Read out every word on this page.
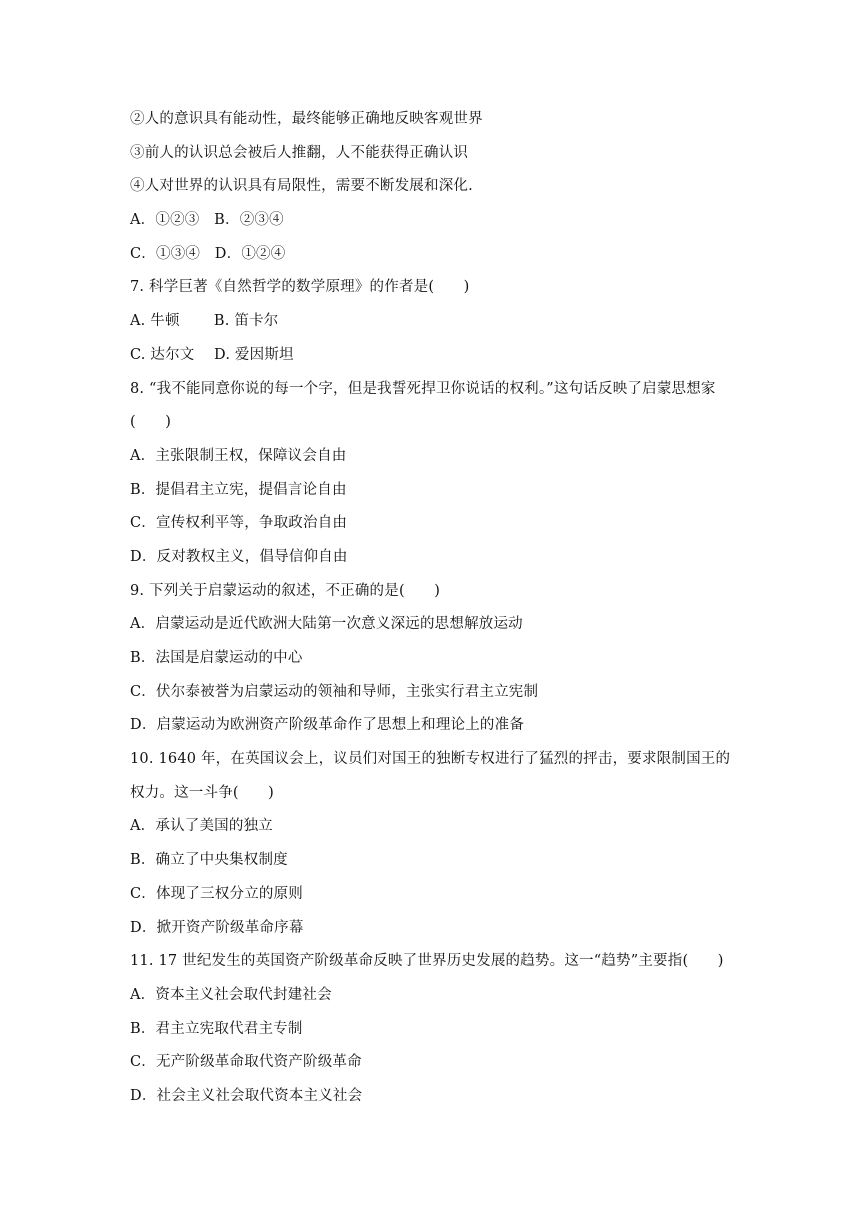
②人的意识具有能动性，最终能够正确地反映客观世界
③前人的认识总会被后人推翻，人不能获得正确认识
④人对世界的认识具有局限性，需要不断发展和深化.
A．①②③　B．②③④
C．①③④　D．①②④
7. 科学巨著《自然哲学的数学原理》的作者是(　　)
A. 牛顿　　 B. 笛卡尔
C. 达尔文　 D. 爱因斯坦
8. “我不能同意你说的每一个字，但是我誓死捍卫你说话的权利。”这句话反映了启蒙思想家
(　　)
A．主张限制王权，保障议会自由
B．提倡君主立宪，提倡言论自由
C．宣传权利平等，争取政治自由
D．反对教权主义，倡导信仰自由
9. 下列关于启蒙运动的叙述，不正确的是(　　)
A．启蒙运动是近代欧洲大陆第一次意义深远的思想解放运动
B．法国是启蒙运动的中心
C．伏尔泰被誉为启蒙运动的领袖和导师，主张实行君主立宪制
D．启蒙运动为欧洲资产阶级革命作了思想上和理论上的准备
10. 1640 年，在英国议会上，议员们对国王的独断专权进行了猛烈的抨击，要求限制国王的
权力。这一斗争(　　)
A．承认了美国的独立
B．确立了中央集权制度
C．体现了三权分立的原则
D．掀开资产阶级革命序幕
11. 17 世纪发生的英国资产阶级革命反映了世界历史发展的趋势。这一“趋势”主要指(　　)
A．资本主义社会取代封建社会
B．君主立宪取代君主专制
C．无产阶级革命取代资产阶级革命
D．社会主义社会取代资本主义社会
